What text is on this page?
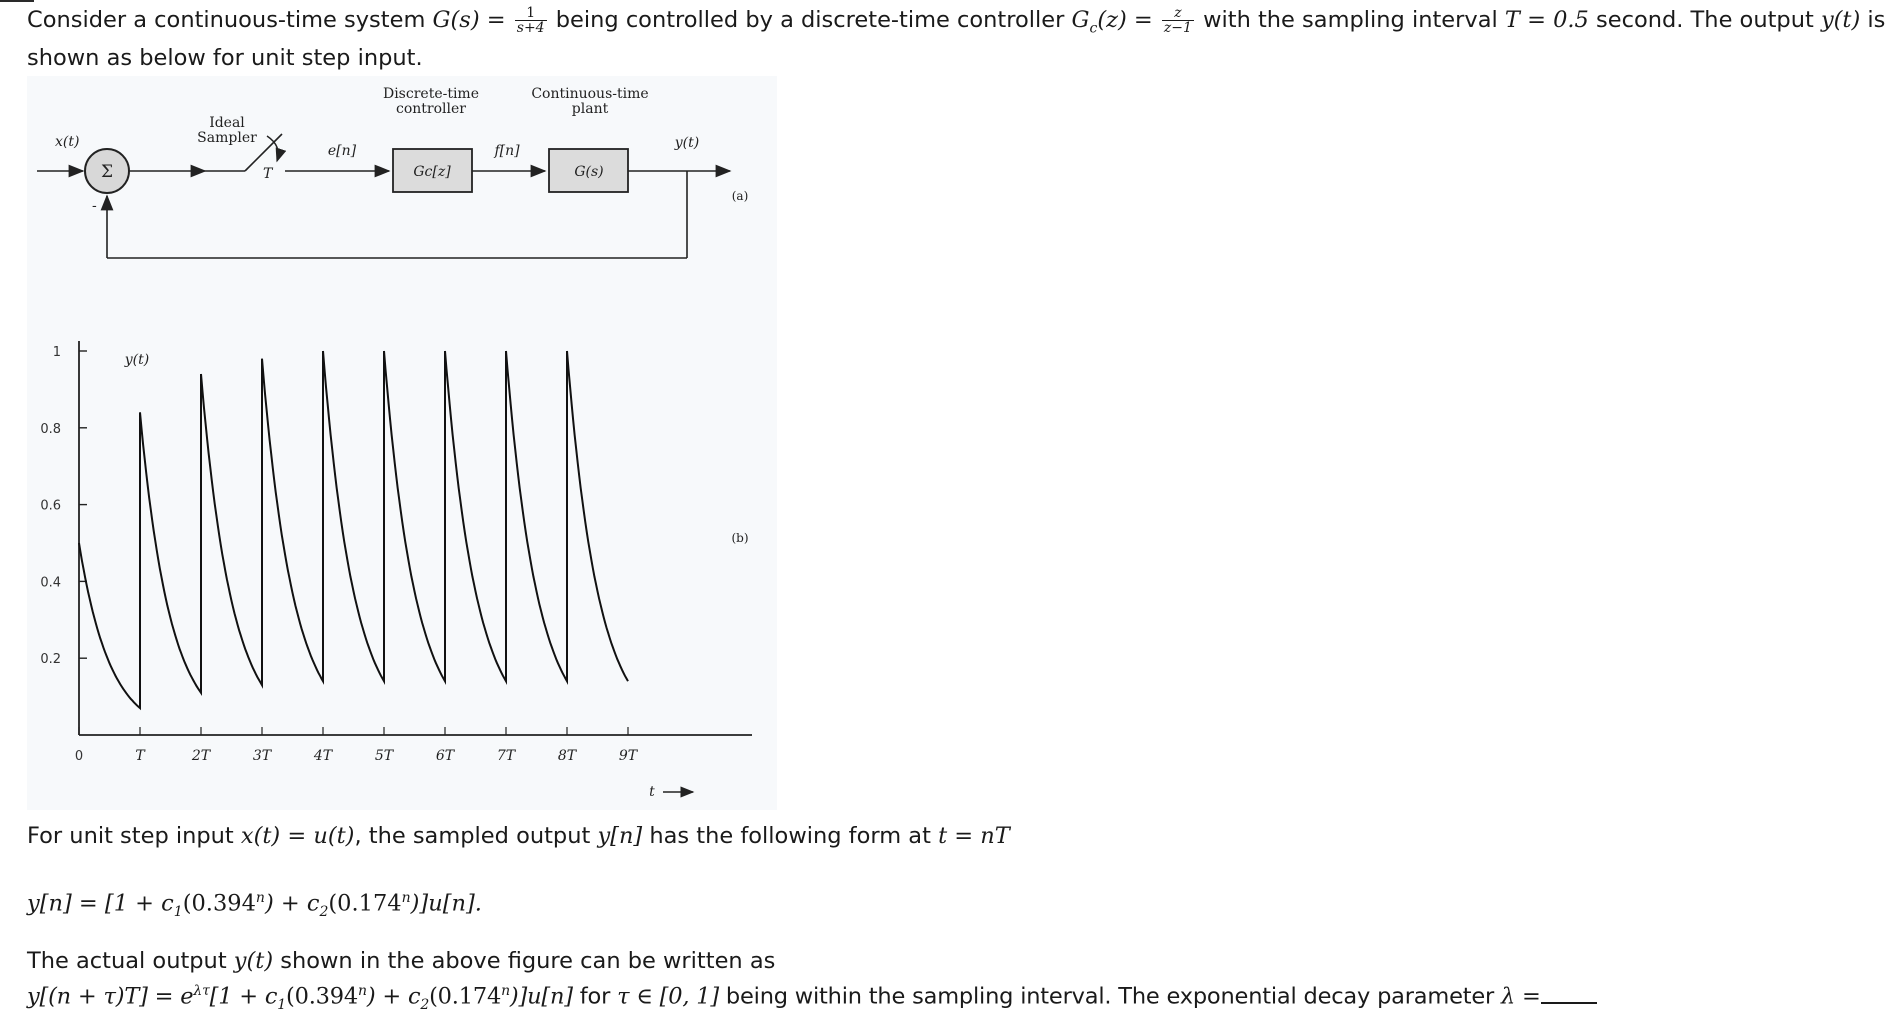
Consider a continuous-time system $G(s) = \frac{1}{s+4}$ being controlled by a discrete-time controller $G_c(z) = \frac{z}{z-1}$ with the sampling interval T = 0.5 second. The output y(t) is
shown as below for unit step input.
x(t)
Σ
-
Ideal
Sampler
T
e[n]
Discrete-time
controller
Gc[z]
f[n]
Continuous-time
plant
G(s)
y(t)
(a)
y(t)
t
(b)
0.2
0.4
0.6
0.8
1
0	T	2T	3T	4T	5T	6T	7T	8T	9T
For unit step input x(t) = u(t), the sampled output y[n] has the following form at t = nT
$y[n] = [1 + c_1(0.394^n) + c_2(0.174^n)]u[n]$.
The actual output y(t) shown in the above figure can be written as
$y[(n + \tau)T] = e^{\lambda\tau}[1 + c_1(0.394^n) + c_2(0.174^n)]u[n]$ for τ ∈ [0, 1] being within the sampling interval. The exponential decay parameter λ =
